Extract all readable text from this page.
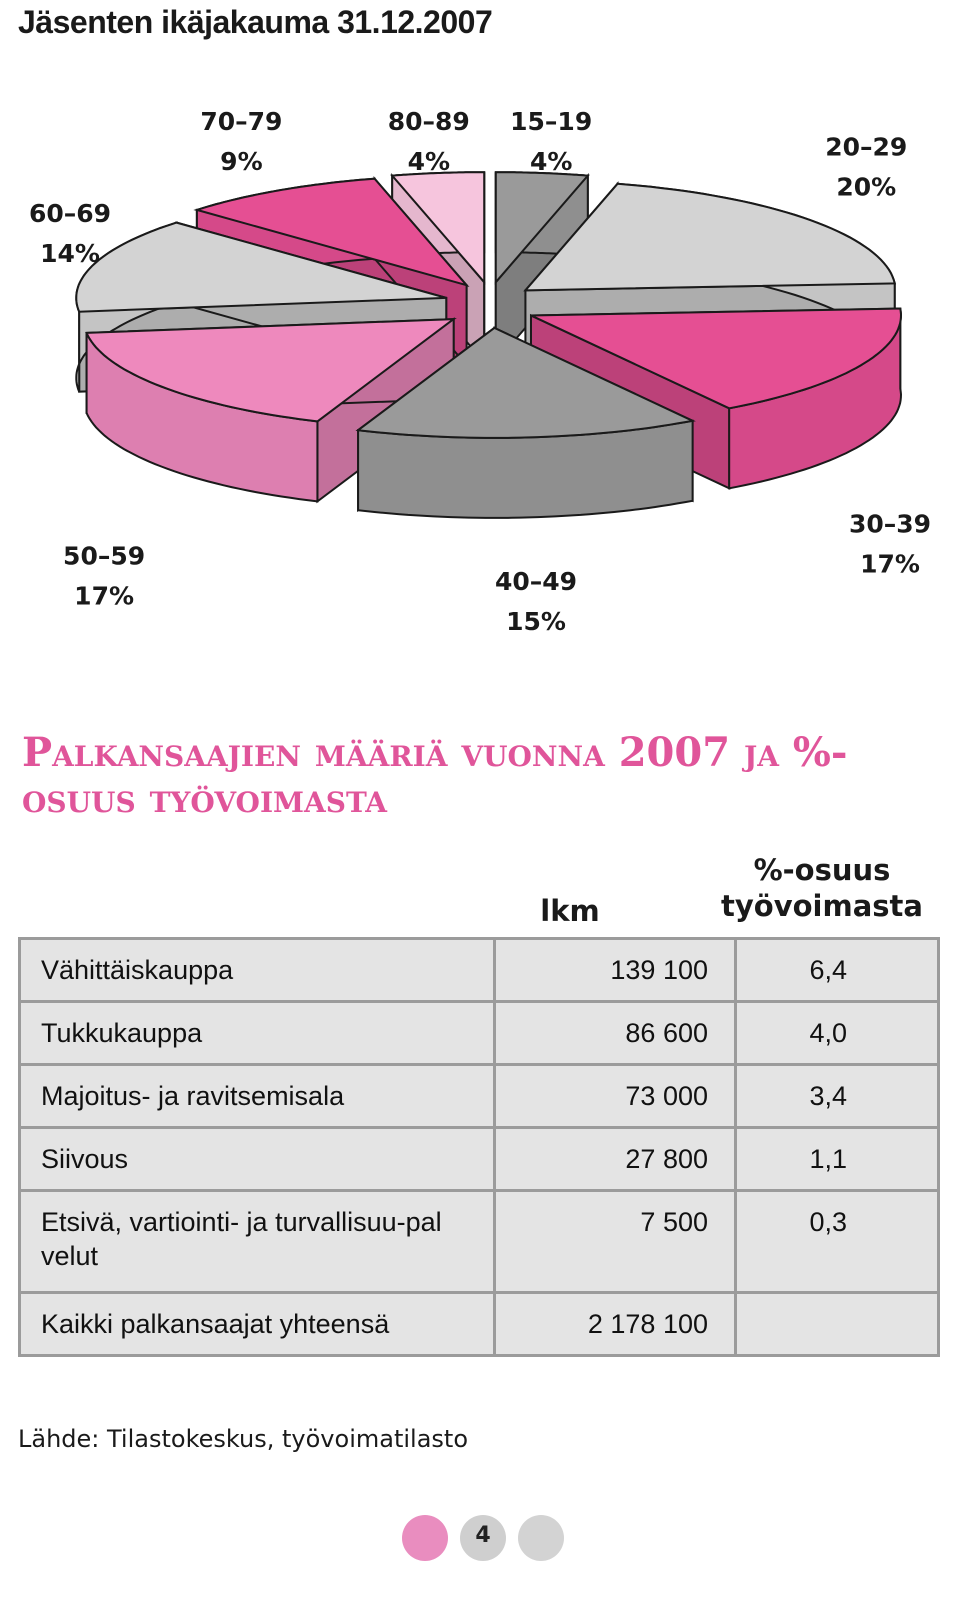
Jäsenten ikäjakauma 31.12.2007
15–19
4%
20–29
20%
30–39
17%
40–49
15%
50–59
17%
60–69
14%
70–79
9%
80–89
4%
Palkansaajien määriä vuonna 2007 ja %-osuus työvoimasta
lkm
%-osuus
työvoimasta
Vähittäiskauppa	139 100	6,4
Tukkukauppa	86 600	4,0
Majoitus- ja ravitsemisala	73 000	3,4
Siivous	27 800	1,1

Etsivä, vartiointi- ja turvallisuu-palvelut	7 500	0,3
Kaikki palkansaajat yhteensä	2 178 100	
Lähde: Tilastokeskus, työvoimatilasto
4
